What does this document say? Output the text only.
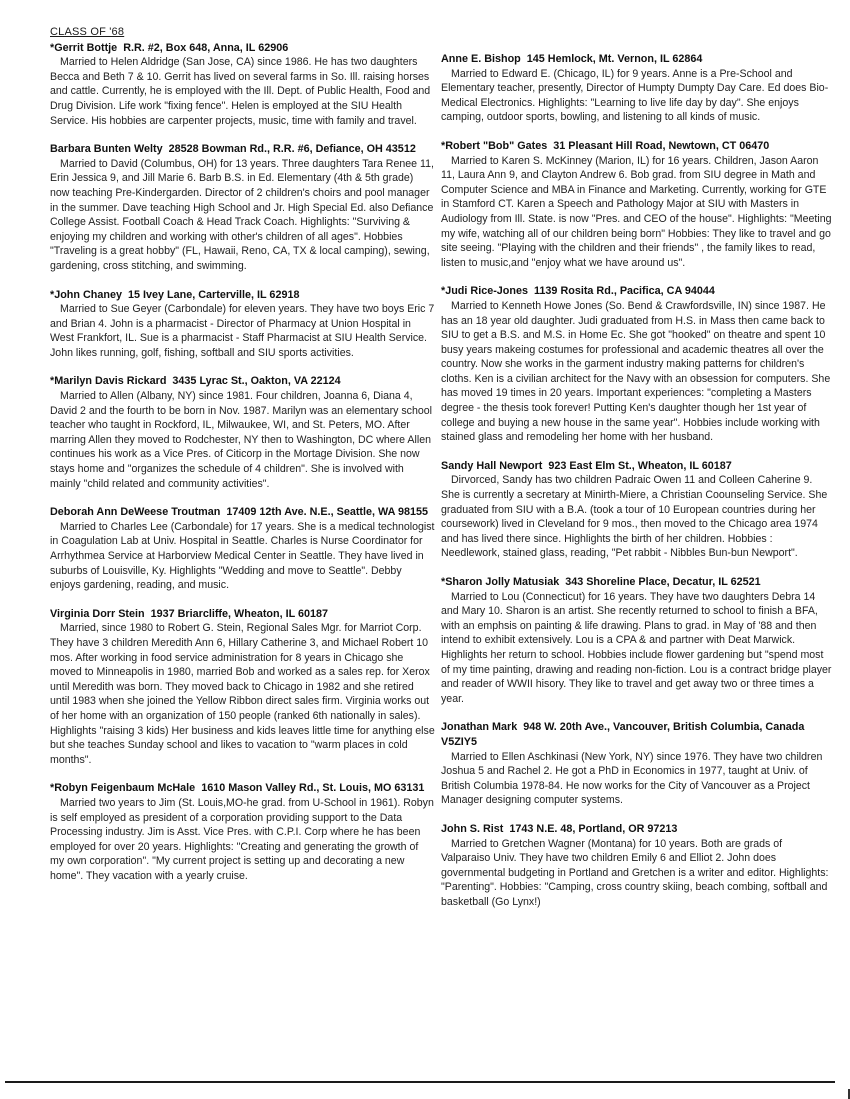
CLASS OF '68
*Gerrit Bottje R.R. #2, Box 648, Anna, IL 62906
Married to Helen Aldridge (San Jose, CA) since 1986. He has two daughters Becca and Beth 7 & 10. Gerrit has lived on several farms in So. Ill. raising horses and cattle. Currently, he is employed with the Ill. Dept. of Public Health, Food and Drug Division. Life work "fixing fence". Helen is employed at the SIU Health Service. His hobbies are carpenter projects, music, time with family and travel.
Barbara Bunten Welty 28528 Bowman Rd., R.R. #6, Defiance, OH 43512
Married to David (Columbus, OH) for 13 years. Three daughters Tara Renee 11, Erin Jessica 9, and Jill Marie 6. Barb B.S. in Ed. Elementary (4th & 5th grade) now teaching Pre-Kindergarden. Director of 2 children's choirs and pool manager in the summer. Dave teaching High School and Jr. High Special Ed. also Defiance College Assist. Football Coach & Head Track Coach. Highlights: "Surviving & enjoying my children and working with other's children of all ages". Hobbies "Traveling is a great hobby" (FL, Hawaii, Reno, CA, TX & local camping), sewing, gardening, cross stitching, and swimming.
*John Chaney 15 Ivey Lane, Carterville, IL 62918
Married to Sue Geyer (Carbondale) for eleven years. They have two boys Eric 7 and Brian 4. John is a pharmacist - Director of Pharmacy at Union Hospital in West Frankfort, IL. Sue is a pharmacist - Staff Pharmacist at SIU Health Service. John likes running, golf, fishing, softball and SIU sports activities.
*Marilyn Davis Rickard 3435 Lyrac St., Oakton, VA 22124
Married to Allen (Albany, NY) since 1981. Four children, Joanna 6, Diana 4, David 2 and the fourth to be born in Nov. 1987. Marilyn was an elementary school teacher who taught in Rockford, IL, Milwaukee, WI, and St. Peters, MO. After marring Allen they moved to Rodchester, NY then to Washington, DC where Allen continues his work as a Vice Pres. of Citicorp in the Mortage Division. She now stays home and "organizes the schedule of 4 children". She is involved with mainly "child related and community activities".
Deborah Ann DeWeese Troutman 17409 12th Ave. N.E., Seattle, WA 98155
Married to Charles Lee (Carbondale) for 17 years. She is a medical technologist in Coagulation Lab at Univ. Hospital in Seattle. Charles is Nurse Coordinator for Arrhythmea Service at Harborview Medical Center in Seattle. They have lived in suburbs of Louisville, Ky. Highlights "Wedding and move to Seattle". Debby enjoys gardening, reading, and music.
Virginia Dorr Stein 1937 Briarcliffe, Wheaton, IL 60187
Married, since 1980 to Robert G. Stein, Regional Sales Mgr. for Marriot Corp. They have 3 children Meredith Ann 6, Hillary Catherine 3, and Michael Robert 10 mos. After working in food service administration for 8 years in Chicago she moved to Minneapolis in 1980, married Bob and worked as a sales rep. for Xerox until Meredith was born. They moved back to Chicago in 1982 and she retired until 1983 when she joined the Yellow Ribbon direct sales firm. Virginia works out of her home with an organization of 150 people (ranked 6th nationally in sales). Highlights "raising 3 kids) Her business and kids leaves little time for anything else but she teaches Sunday school and likes to vacation to "warm places in cold months".
*Robyn Feigenbaum McHale 1610 Mason Valley Rd., St. Louis, MO 63131
Married two years to Jim (St. Louis,MO-he grad. from U-School in 1961). Robyn is self employed as president of a corporation providing support to the Data Processing industry. Jim is Asst. Vice Pres. with C.P.I. Corp where he has been employed for over 20 years. Highlights: "Creating and generating the growth of my own corporation". "My current project is setting up and decorating a new home". They vacation with a yearly cruise.
Anne E. Bishop 145 Hemlock, Mt. Vernon, IL 62864
Married to Edward E. (Chicago, IL) for 9 years. Anne is a Pre-School and Elementary teacher, presently, Director of Humpty Dumpty Day Care. Ed does Bio-Medical Electronics. Highlights: "Learning to live life day by day". She enjoys camping, outdoor sports, bowling, and listening to all kinds of music.
*Robert "Bob" Gates 31 Pleasant Hill Road, Newtown, CT 06470
Married to Karen S. McKinney (Marion, IL) for 16 years. Children, Jason Aaron 11, Laura Ann 9, and Clayton Andrew 6. Bob grad. from SIU degree in Math and Computer Science and MBA in Finance and Marketing. Currently, working for GTE in Stamford CT. Karen a Speech and Pathology Major at SIU with Masters in Audiology from Ill. State. is now "Pres. and CEO of the house". Highlights: "Meeting my wife, watching all of our children being born" Hobbies: They like to travel and go site seeing. "Playing with the children and their friends" , the family likes to read, listen to music,and "enjoy what we have around us".
*Judi Rice-Jones 1139 Rosita Rd., Pacifica, CA 94044
Married to Kenneth Howe Jones (So. Bend & Crawfordsville, IN) since 1987. He has an 18 year old daughter. Judi graduated from H.S. in Mass then came back to SIU to get a B.S. and M.S. in Home Ec. She got "hooked" on theatre and spent 10 busy years makeing costumes for professional and academic theatres all over the country. Now she works in the garment industry making patterns for children's cloths. Ken is a civilian architect for the Navy with an obsession for computers. She has moved 19 times in 20 years. Important experiences: "completing a Masters degree - the thesis took forever! Putting Ken's daughter though her 1st year of college and buying a new house in the same year". Hobbies include working with stained glass and remodeling her home with her husband.
Sandy Hall Newport 923 East Elm St., Wheaton, IL 60187
Dirvorced, Sandy has two children Padraic Owen 11 and Colleen Caherine 9. She is currently a secretary at Minirth-Miere, a Christian Coounseling Service. She graduated from SIU with a B.A. (took a tour of 10 European countries during her coursework) lived in Cleveland for 9 mos., then moved to the Chicago area 1974 and has lived there since. Highlights the birth of her children. Hobbies : Needlework, stained glass, reading, "Pet rabbit - Nibbles Bun-bun Newport".
*Sharon Jolly Matusiak 343 Shoreline Place, Decatur, IL 62521
Married to Lou (Connecticut) for 16 years. They have two daughters Debra 14 and Mary 10. Sharon is an artist. She recently returned to school to finish a BFA, with an emphsis on painting & life drawing. Plans to grad. in May of '88 and then intend to exhibit extensively. Lou is a CPA & and partner with Deat Marwick. Highlights her return to school. Hobbies include flower gardening but "spend most of my time painting, drawing and reading non-fiction. Lou is a contract bridge player and reader of WWII hisory. They like to travel and get away two or three times a year.
Jonathan Mark 948 W. 20th Ave., Vancouver, British Columbia, Canada V5ZIY5
Married to Ellen Aschkinasi (New York, NY) since 1976. They have two children Joshua 5 and Rachel 2. He got a PhD in Economics in 1977, taught at Univ. of British Columbia 1978-84. He now works for the City of Vancouver as a Project Manager designing computer systems.
John S. Rist 1743 N.E. 48, Portland, OR 97213
Married to Gretchen Wagner (Montana) for 10 years. Both are grads of Valparaiso Univ. They have two children Emily 6 and Elliot 2. John does governmental budgeting in Portland and Gretchen is a writer and editor. Highlights: "Parenting". Hobbies: "Camping, cross country skiing, beach combing, softball and basketball (Go Lynx!)
